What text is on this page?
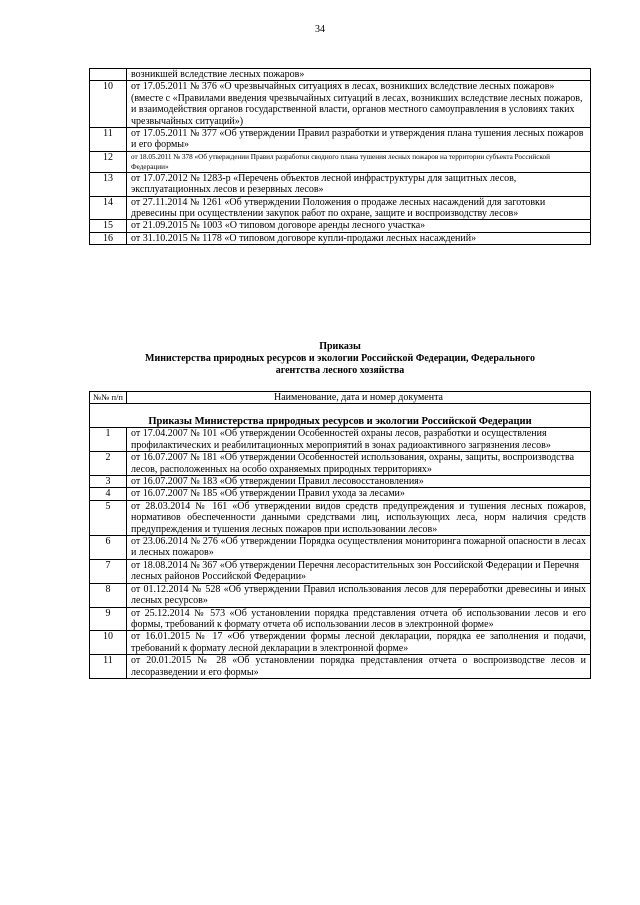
34
	возникшей вследствие лесных пожаров»
10	от 17.05.2011 № 376 «О чрезвычайных ситуациях в лесах, возникших вследствие лесных пожаров» (вместе с «Правилами введения чрезвычайных ситуаций в лесах, возникших вследствие лесных пожаров, и взаимодействия органов государственной власти, органов местного самоуправления в условиях таких чрезвычайных ситуаций»)
11	от 17.05.2011 № 377 «Об утверждении Правил разработки и утверждения плана тушения лесных пожаров и его формы»
12	от 18.05.2011 № 378 «Об утверждении Правил разработки сводного плана тушения лесных пожаров на территории субъекта Российской Федерации»
13	от 17.07.2012 № 1283-р «Перечень объектов лесной инфраструктуры для защитных лесов, эксплуатационных лесов и резервных лесов»
14	от 27.11.2014 № 1261 «Об утверждении Положения о продаже лесных насаждений для заготовки древесины при осуществлении закупок работ по охране, защите и воспроизводству лесов»
15	от 21.09.2015 № 1003 «О типовом договоре аренды лесного участка»
16	от 31.10.2015 № 1178 «О типовом договоре купли-продажи лесных насаждений»
Приказы
Министерства природных ресурсов и экологии Российской Федерации, Федерального
агентства лесного хозяйства
№№ п/п	Наименование, дата и номер документа
Приказы Министерства природных ресурсов и экологии Российской Федерации	
1	от 17.04.2007 № 101 «Об утверждении Особенностей охраны лесов, разработки и осуществления профилактических и реабилитационных мероприятий в зонах радиоактивного загрязнения лесов»
2	от 16.07.2007 № 181 «Об утверждении Особенностей использования, охраны, защиты, воспроизводства лесов, расположенных на особо охраняемых природных территориях»
3	от 16.07.2007 № 183 «Об утверждении Правил лесовосстановления»
4	от 16.07.2007 № 185 «Об утверждении Правил ухода за лесами»
5	от 28.03.2014 № 161 «Об утверждении видов средств предупреждения и тушения лесных пожаров, нормативов обеспеченности данными средствами лиц, использующих леса, норм наличия средств предупреждения и тушения лесных пожаров при использовании лесов»
6	от 23.06.2014 № 276 «Об утверждении Порядка осуществления мониторинга пожарной опасности в лесах и лесных пожаров»
7	от 18.08.2014 № 367 «Об утверждении Перечня лесорастительных зон Российской Федерации и Перечня лесных районов Российской Федерации»
8	от 01.12.2014 № 528 «Об утверждении Правил использования лесов для переработки древесины и иных лесных ресурсов»
9	от 25.12.2014 № 573 «Об установлении порядка представления отчета об использовании лесов и его формы, требований к формату отчета об использовании лесов в электронной форме»
10	от 16.01.2015 № 17 «Об утверждении формы лесной декларации, порядка ее заполнения и подачи, требований к формату лесной декларации в электронной форме»
11	от 20.01.2015 № 28 «Об установлении порядка представления отчета о воспроизводстве лесов и лесоразведении и его формы»
